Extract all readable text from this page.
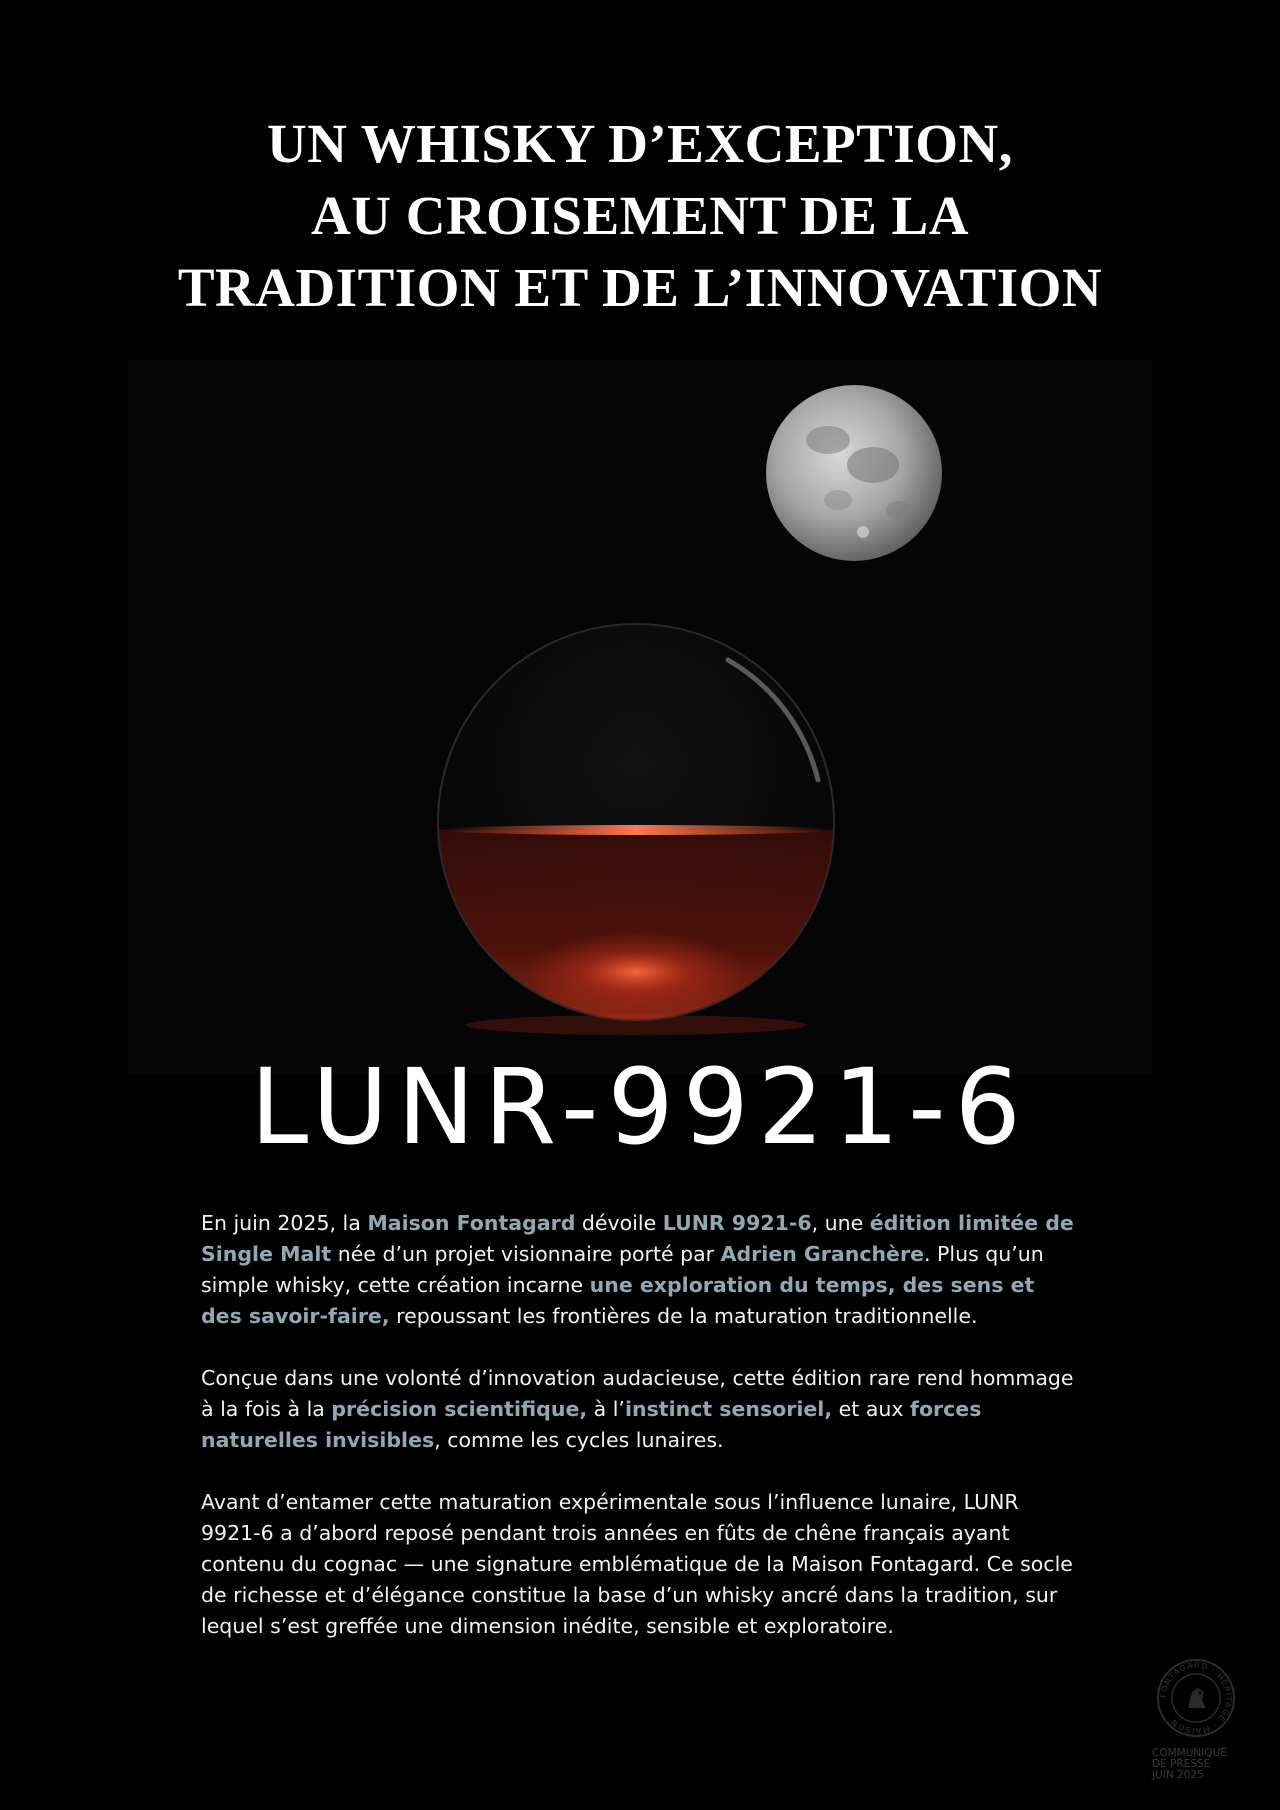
UN WHISKY D’EXCEPTION,
AU CROISEMENT DE LA
TRADITION ET DE L’INNOVATION
LUNR-9921-6

En juin 2025, la Maison Fontagard dévoile LUNR 9921-6, une édition limitée de Single Malt née d’un projet visionnaire porté par Adrien Granchère. Plus qu’un simple whisky, cette création incarne une exploration du temps, des sens et des savoir-faire, repoussant les frontières de la maturation traditionnelle.

Conçue dans une volonté d’innovation audacieuse, cette édition rare rend hommage à la fois à la précision scientifique, à l’instinct sensoriel, et aux forces naturelles invisibles, comme les cycles lunaires.

Avant d’entamer cette maturation expérimentale sous l’influence lunaire, LUNR 9921-6 a d’abord reposé pendant trois années en fûts de chêne français ayant contenu du cognac — une signature emblématique de la Maison Fontagard. Ce socle de richesse et d’élégance constitue la base d’un whisky ancré dans la tradition, sur lequel s’est greffée une dimension inédite, sensible et exploratoire.

FONTAGARD · HÉRITAGE · MAISON ·
COMMUNIQUÉ
DE PRESSE
JUIN 2025
